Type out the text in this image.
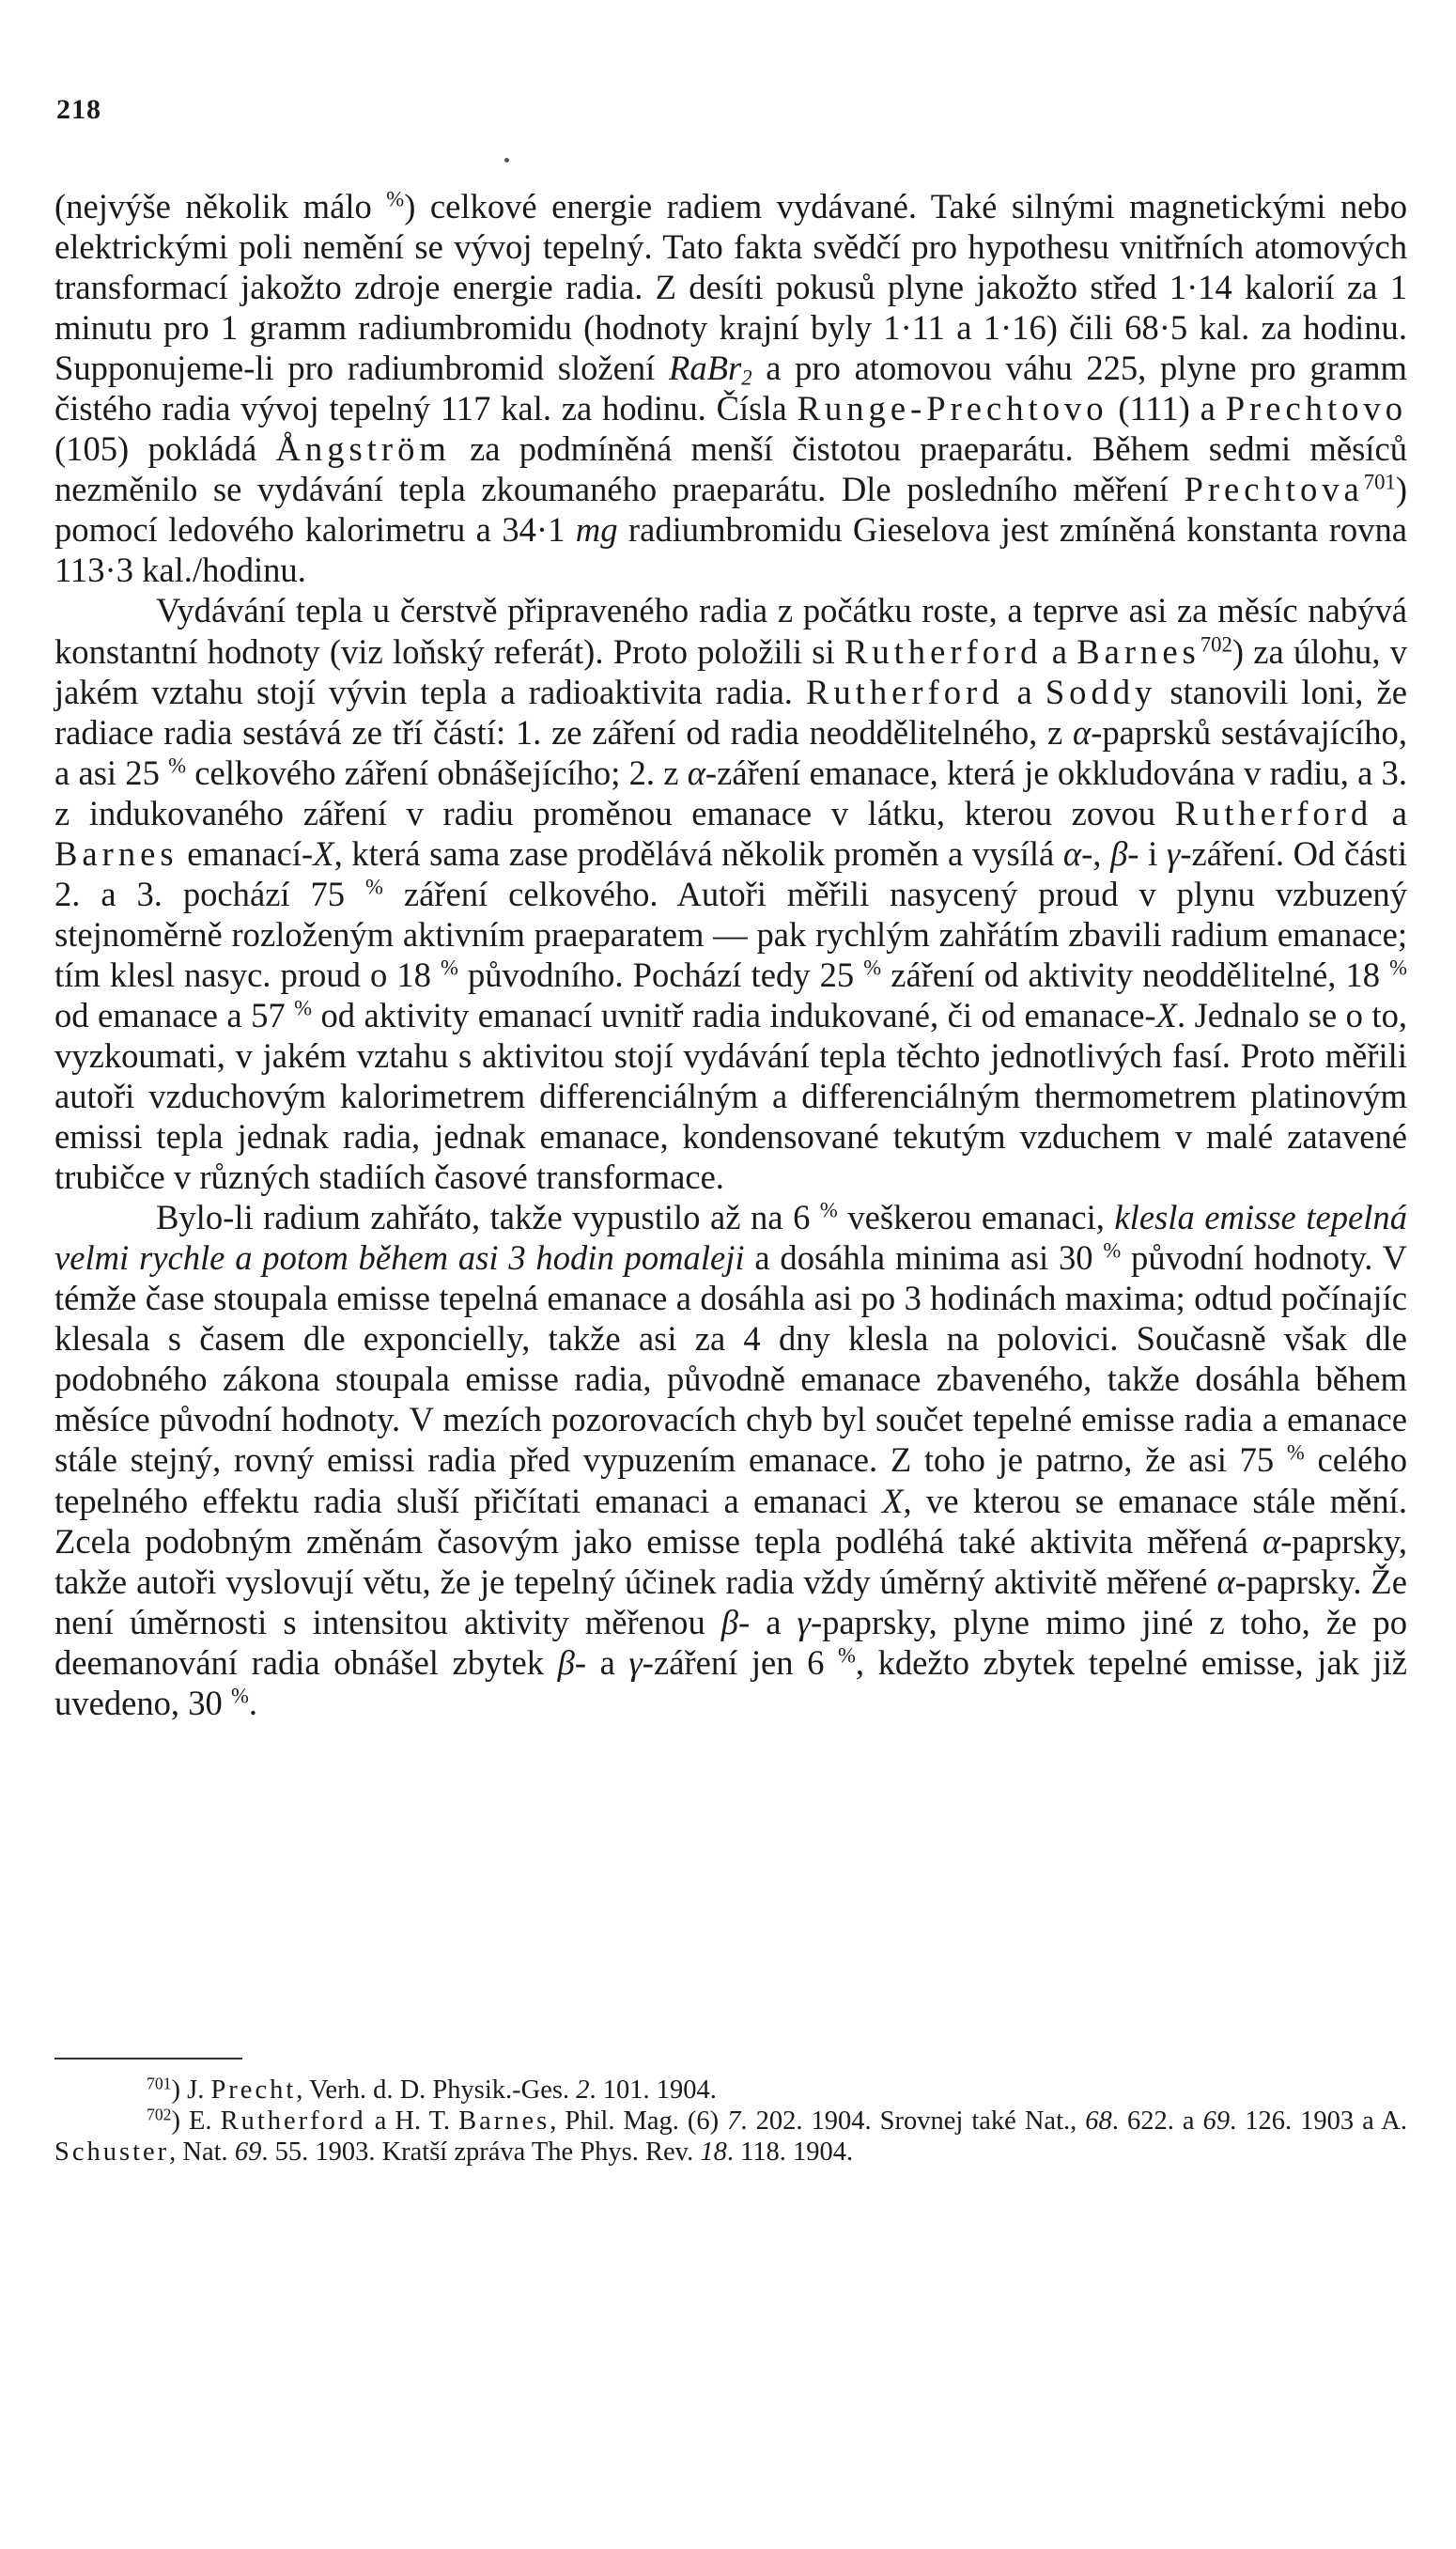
218

(nejvýše několik málo %) celkové energie radiem vydávané. Také silnými magnetickými nebo elektrickými poli nemění se vývoj tepelný. Tato fakta svědčí pro hypothesu vnitřních atomových transformací jakožto zdroje energie radia. Z desíti pokusů plyne jakožto střed 1·14 kalorií za 1 minutu pro 1 gramm radiumbromidu (hodnoty krajní byly 1·11 a 1·16) čili 68·5 kal. za hodinu. Supponujeme-li pro radiumbromid složení RaBr$_2$ a pro atomovou váhu 225, plyne pro gramm čistého radia vývoj tepelný 117 kal. za hodinu. Čísla Runge-Prechtovo (111) a Prechtovo (105) pokládá Ångström za podmíněná menší čistotou praeparátu. Během sedmi měsíců nezměnilo se vydávání tepla zkoumaného praeparátu. Dle posledního měření Prechtova$^{701}$) pomocí ledového kalorimetru a 34·1 mg radiumbromidu Gieselova jest zmíněná konstanta rovna 113·3 kal./hodinu.

Vydávání tepla u čerstvě připraveného radia z počátku roste, a teprve asi za měsíc nabývá konstantní hodnoty (viz loňský referát). Proto položili si Rutherford a Barnes$^{702}$) za úlohu, v jakém vztahu stojí vývin tepla a radioaktivita radia. Rutherford a Soddy stanovili loni, že radiace radia sestává ze tří částí: 1. ze záření od radia neoddělitelného, z α-paprsků sestávajícího, a asi 25 % celkového záření obnášejícího; 2. z α-záření emanace, která je okkludována v radiu, a 3. z indukovaného záření v radiu proměnou emanace v látku, kterou zovou Rutherford a Barnes emanací-X, která sama zase prodělává několik proměn a vysílá α-, β- i γ-záření. Od části 2. a 3. pochází 75 % záření celkového. Autoři měřili nasycený proud v plynu vzbuzený stejnoměrně rozloženým aktivním praeparatem — pak rychlým zahřátím zbavili radium emanace; tím klesl nasyc. proud o 18 % původního. Pochází tedy 25 % záření od aktivity neoddělitelné, 18 % od emanace a 57 % od aktivity emanací uvnitř radia indukované, či od emanace-X. Jednalo se o to, vyzkoumati, v jakém vztahu s aktivitou stojí vydávání tepla těchto jednotlivých fasí. Proto měřili autoři vzduchovým kalorimetrem differenciálným a differenciálným thermometrem platinovým emissi tepla jednak radia, jednak emanace, kondensované tekutým vzduchem v malé zatavené trubičce v různých stadiích časové transformace.

Bylo-li radium zahřáto, takže vypustilo až na 6 % veškerou emanaci, klesla emisse tepelná velmi rychle a potom během asi 3 hodin pomaleji a dosáhla minima asi 30 % původní hodnoty. V témže čase stoupala emisse tepelná emanace a dosáhla asi po 3 hodinách maxima; odtud počínajíc klesala s časem dle exponcielly, takže asi za 4 dny klesla na polovici. Současně však dle podobného zákona stoupala emisse radia, původně emanace zbaveného, takže dosáhla během měsíce původní hodnoty. V mezích pozorovacích chyb byl součet tepelné emisse radia a emanace stále stejný, rovný emissi radia před vypuzením emanace. Z toho je patrno, že asi 75 % celého tepelného effektu radia sluší přičítati emanaci a emanaci X, ve kterou se emanace stále mění. Zcela podobným změnám časovým jako emisse tepla podléhá také aktivita měřená α-paprsky, takže autoři vyslovují větu, že je tepelný účinek radia vždy úměrný aktivitě měřené α-paprsky. Že není úměrnosti s intensitou aktivity měřenou β- a γ-paprsky, plyne mimo jiné z toho, že po deemanování radia obnášel zbytek β- a γ-záření jen 6 %, kdežto zbytek tepelné emisse, jak již uvedeno, 30 %.

$^{701}$) J. Precht, Verh. d. D. Physik.-Ges. 2. 101. 1904.

$^{702}$) E. Rutherford a H. T. Barnes, Phil. Mag. (6) 7. 202. 1904. Srovnej také Nat., 68. 622. a 69. 126. 1903 a A. Schuster, Nat. 69. 55. 1903. Kratší zpráva The Phys. Rev. 18. 118. 1904.
